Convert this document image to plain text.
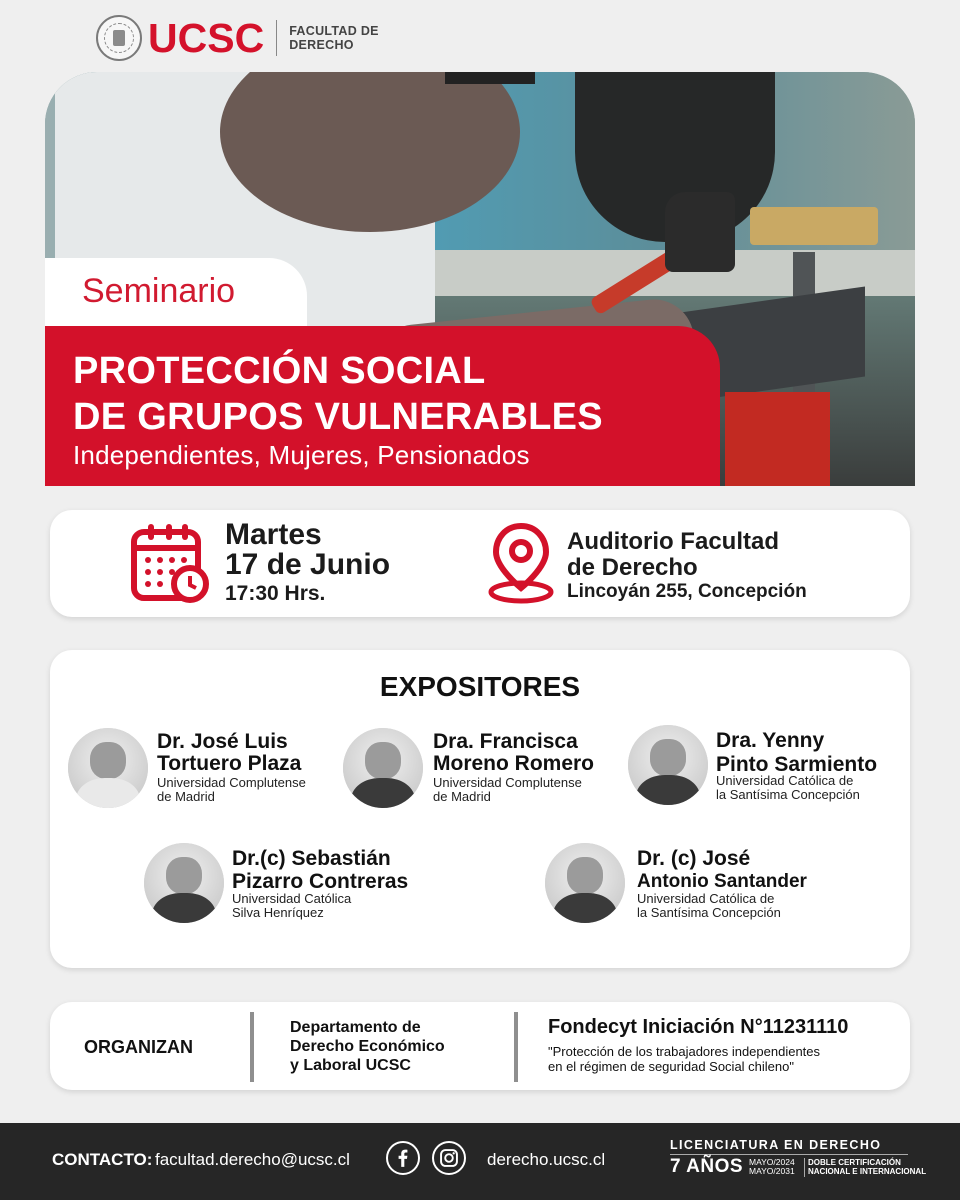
UCSC FACULTAD DE
DERECHO
Seminario
PROTECCIÓN SOCIAL
DE GRUPOS VULNERABLES
Independientes, Mujeres, Pensionados
Martes
17 de Junio
17:30 Hrs.
Auditorio Facultad
de Derecho
Lincoyán 255, Concepción
EXPOSITORES
Dr. José Luis
Tortuero Plaza
Universidad Complutense
de Madrid
Dra. Francisca
Moreno Romero
Universidad Complutense
de Madrid
Dra. Yenny
Pinto Sarmiento
Universidad Católica de
la Santísima Concepción
Dr.(c) Sebastián
Pizarro Contreras
Universidad Católica
Silva Henríquez
Dr. (c) José
Antonio Santander
Universidad Católica de
la Santísima Concepción
ORGANIZAN
Departamento de
Derecho Económico
y Laboral UCSC
Fondecyt Iniciación N°11231110
"Protección de los trabajadores independientes
en el régimen de seguridad Social chileno"
CONTACTO: facultad.derecho@ucsc.cl	derecho.ucsc.cl
LICENCIATURA EN DERECHO
7 AÑOS MAYO/2024
MAYO/2031
DOBLE CERTIFICACIÓN
NACIONAL E INTERNACIONAL
